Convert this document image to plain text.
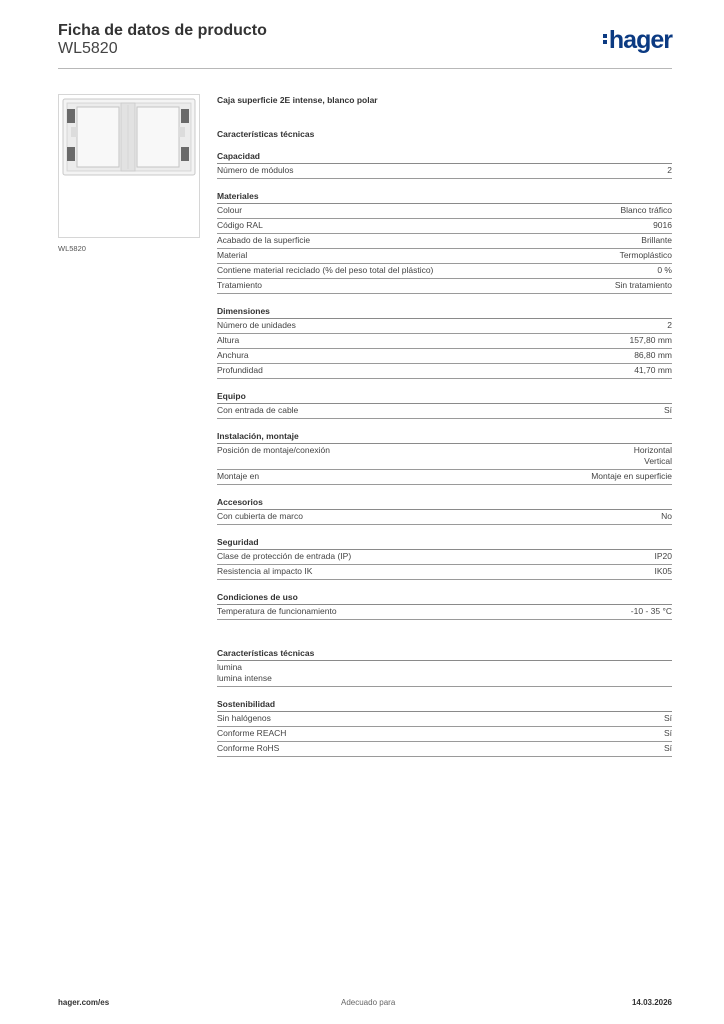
Ficha de datos de producto
WL5820	hager
WL5820
Caja superficie 2E intense, blanco polar
Características técnicas
Capacidad
Número de módulos	2
Materiales
Colour	Blanco tráfico
Código RAL	9016
Acabado de la superficie	Brillante
Material	Termoplástico
Contiene material reciclado (% del peso total del plástico)	0 %
Tratamiento	Sin tratamiento
Dimensiones
Número de unidades	2
Altura	157,80 mm
Anchura	86,80 mm
Profundidad	41,70 mm
Equipo
Con entrada de cable	Sí
Instalación, montaje
Posición de montaje/conexión	Horizontal
Vertical
Montaje en	Montaje en superficie
Accesorios
Con cubierta de marco	No
Seguridad
Clase de protección de entrada (IP)	IP20
Resistencia al impacto IK	IK05
Condiciones de uso
Temperatura de funcionamiento	-10 - 35 °C
Características técnicas
lumina
lumina intense
Sostenibilidad
Sin halógenos	Sí
Conforme REACH	Sí
Conforme RoHS	Sí
hager.com/es	Adecuado para	14.03.2026
